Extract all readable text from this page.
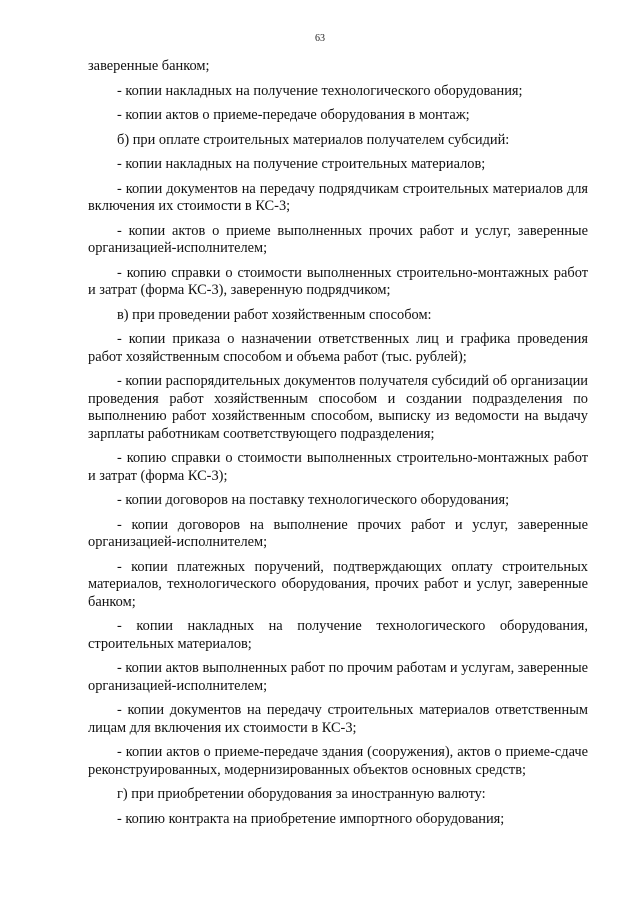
63

заверенные банком;

- копии накладных на получение технологического оборудования;

- копии актов о приеме-передаче оборудования в монтаж;

б) при оплате строительных материалов получателем субсидий:

- копии накладных на получение строительных материалов;

- копии документов на передачу подрядчикам строительных материалов для включения их стоимости в КС-3;

- копии актов о приеме выполненных прочих работ и услуг, заверенные организацией-исполнителем;

- копию справки о стоимости выполненных строительно-монтажных работ и затрат (форма КС-3), заверенную подрядчиком;

в) при проведении работ хозяйственным способом:

- копии приказа о назначении ответственных лиц и графика проведения работ хозяйственным способом и объема работ (тыс. рублей);

- копии распорядительных документов получателя субсидий об организации проведения работ хозяйственным способом и создании подразделения по выполнению работ хозяйственным способом, выписку из ведомости на выдачу зарплаты работникам соответствующего подразделения;

- копию справки о стоимости выполненных строительно-монтажных работ и затрат (форма КС-3);

- копии договоров на поставку технологического оборудования;

- копии договоров на выполнение прочих работ и услуг, заверенные организацией-исполнителем;

- копии платежных поручений, подтверждающих оплату строительных материалов, технологического оборудования, прочих работ и услуг, заверенные банком;

- копии накладных на получение технологического оборудования, строительных материалов;

- копии актов выполненных работ по прочим работам и услугам, заверенные организацией-исполнителем;

- копии документов на передачу строительных материалов ответственным лицам для включения их стоимости в КС-3;

- копии актов о приеме-передаче здания (сооружения), актов о приеме-сдаче реконструированных, модернизированных объектов основных средств;

г) при приобретении оборудования за иностранную валюту:

- копию контракта на приобретение импортного оборудования;
